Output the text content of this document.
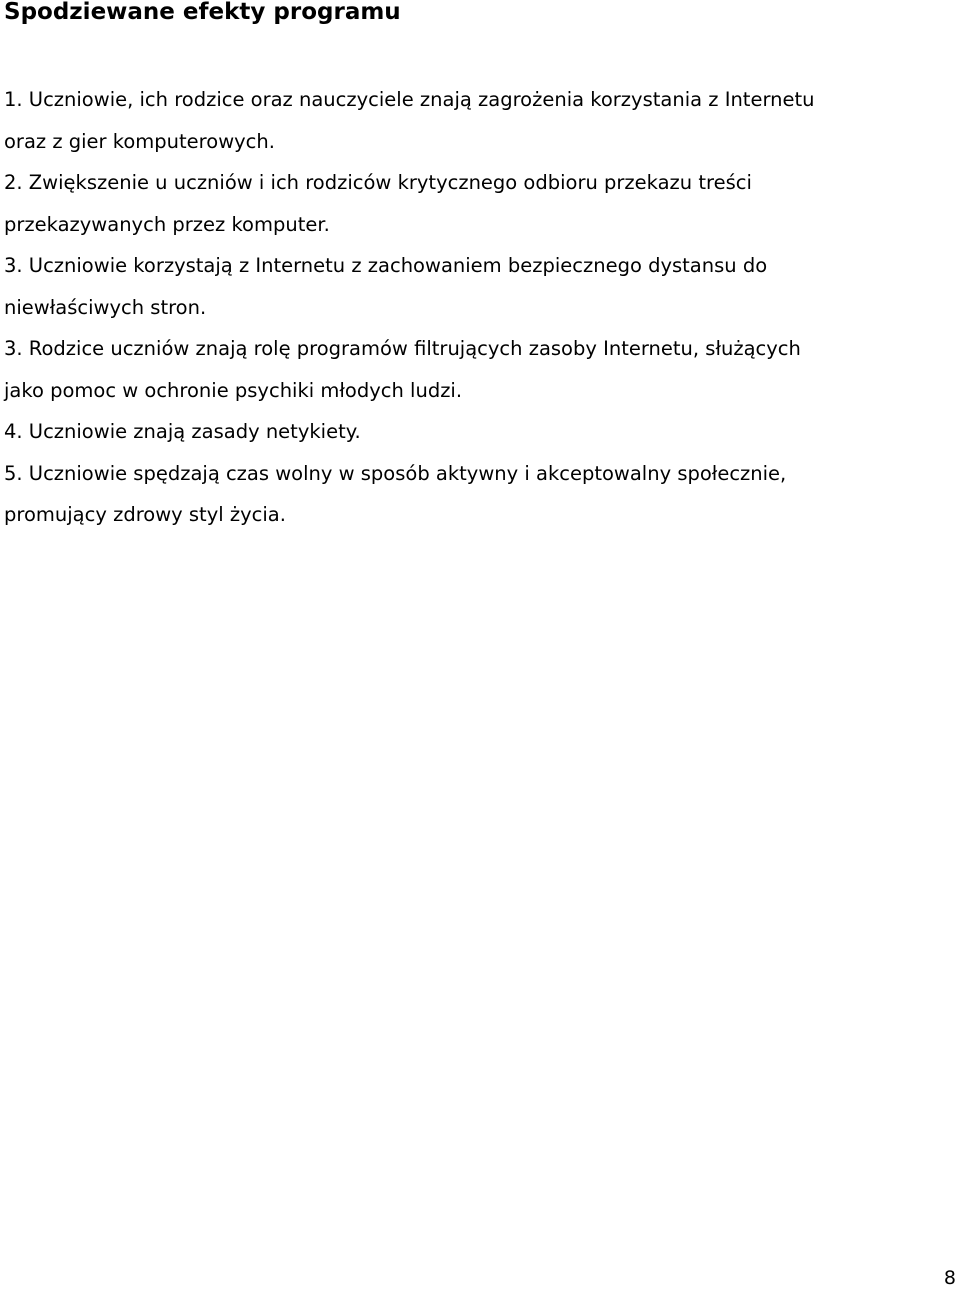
Spodziewane efekty programu

1. Uczniowie, ich rodzice oraz nauczyciele znają zagrożenia korzystania z Internetu

oraz z gier komputerowych.

2. Zwiększenie u uczniów i ich rodziców krytycznego odbioru przekazu treści

przekazywanych przez komputer.

3. Uczniowie korzystają z Internetu z zachowaniem bezpiecznego dystansu do

niewłaściwych stron.

3. Rodzice uczniów znają rolę programów filtrujących zasoby Internetu, służących

jako pomoc w ochronie psychiki młodych ludzi.

4. Uczniowie znają zasady netykiety.

5. Uczniowie spędzają czas wolny w sposób aktywny i akceptowalny społecznie,

promujący zdrowy styl życia.

8
